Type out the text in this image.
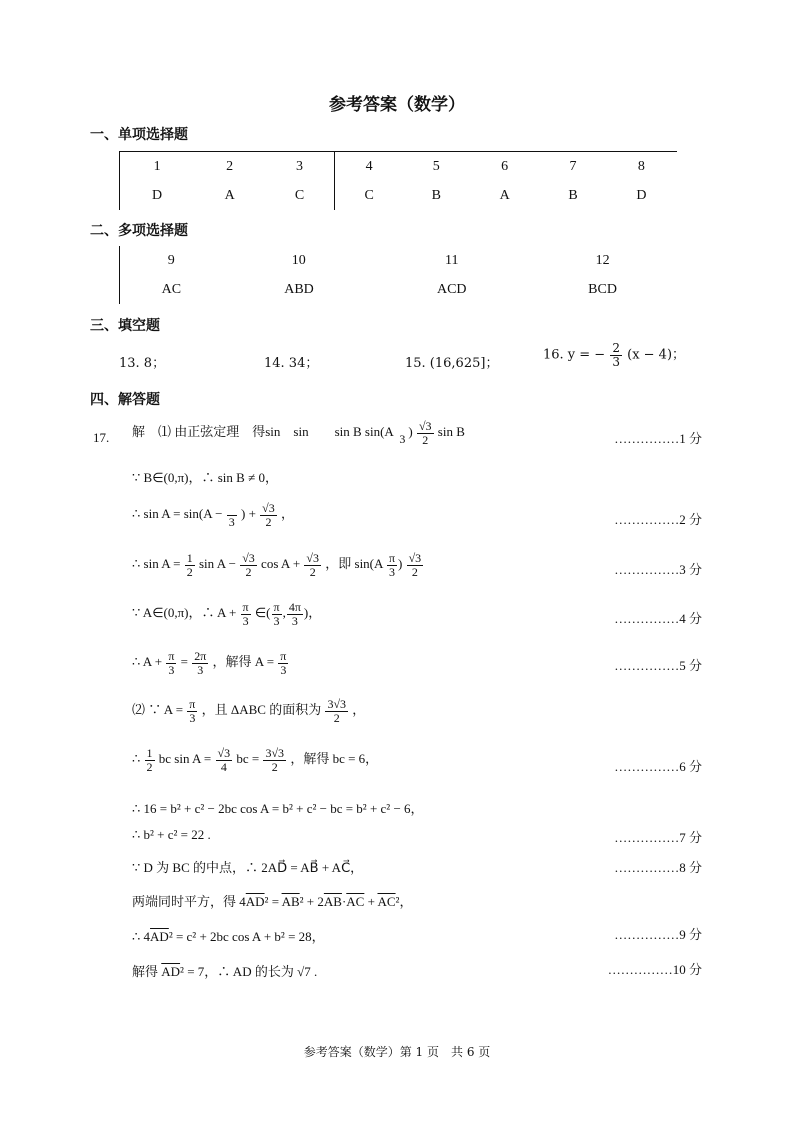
参考答案（数学）
一、单项选择题
1	2	3	4	5	6	7	8
D	A	C	C	B	A	B	D
二、多项选择题
9	10	11	12
AC	ABD	ACD	BCD
三、填空题
13. 8；	14. 34；	15. (16,625]；
16. y = − $\frac{2}{3} (x - 4)$；
四、解答题
17. 解　⑴ 由正弦定理　得sin　sin　　sin B sin(A

3
) $\frac{√3}{2}$ sin B
∵ B∈(0,π)，∴ sin B ≠ 0，
∴ sin A = sin(A −

3
) + $\frac{√3}{2}$ ，
∴ $\sin A = \frac{1}{2}$ $\sin A - \frac{√3}{2}$ $\cos A + \frac{√3}{2}$ ，即 $\sin(A \frac{\pi}{3}$ ) $\frac{√3}{2}$
∵ A∈(0,π)，∴ $A + \frac{\pi}{3}$ ∈( $\frac{\pi}{3}$ , $\frac{4\pi}{3}$ )，
∴ $A + \frac{\pi}{3} = \frac{2\pi}{3}$ ，解得 $A = \frac{\pi}{3}$
⑵ ∵ $A = \frac{\pi}{3}$ ，且 ΔABC 的面积为 $\frac{3√3}{2}$ ，
∴ $\frac{1}{2}$ bc $\sin A = \frac{√3}{4}$ bc = $\frac{3√3}{2}$ ，解得 bc = 6，
∴ 16 = b² + c² − 2bc cos A = b² + c² − bc = b² + c² − 6，
∴ b² + c² = 22 .
∵ D 为 BC 的中点，∴ 2AD⃗ = AB⃗ + AC⃗，
两端同时平方，得 $4\overline{AD}^2 = \overline{AB}^2 + 2\overline{AB}\cdot\overline{AC} + \overline{AC}^2$，
∴ $4\overline{AD}^2 = c^2 + 2bc$ cos A + b² = 28，
解得 $\overline{AD}^2 = 7$，∴ AD 的长为 √7 .
……………1 分
……………2 分
……………3 分
……………4 分
……………5 分
……………6 分
……………7 分
……………8 分
……………9 分
……………10 分
参考答案（数学）第 1 页　共 6 页
